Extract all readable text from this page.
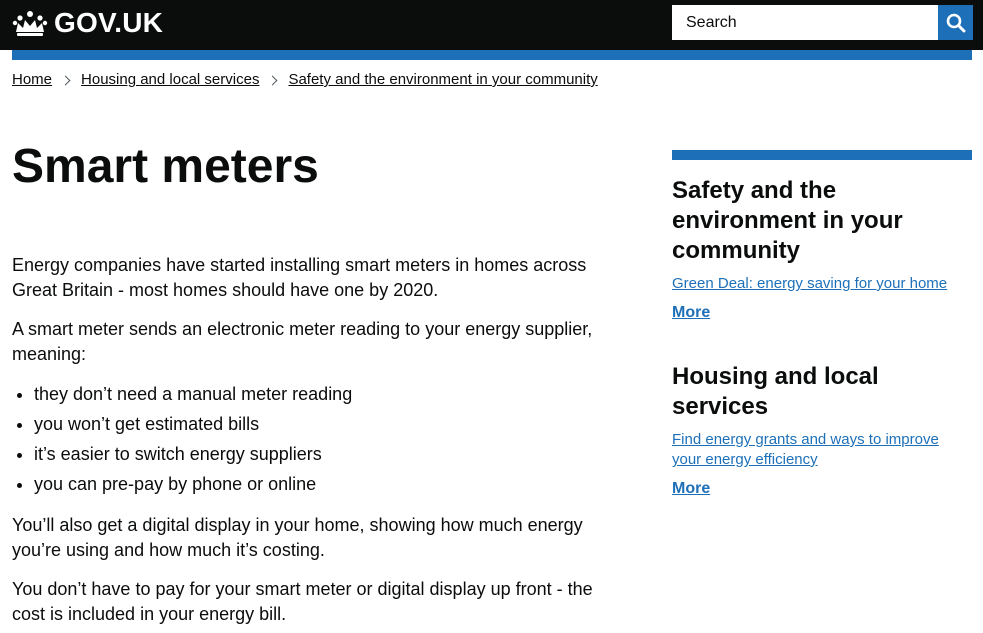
GOV.UK
Search
Home Housing and local services Safety and the environment in your community
Smart meters

Energy companies have started installing smart meters in homes across Great Britain - most homes should have one by 2020.

A smart meter sends an electronic meter reading to your energy supplier, meaning:

• they don’t need a manual meter reading
• you won’t get estimated bills
• it’s easier to switch energy suppliers
• you can pre-pay by phone or online

You’ll also get a digital display in your home, showing how much energy you’re using and how much it’s costing.

You don’t have to pay for your smart meter or digital display up front - the cost is included in your energy bill.

Safety and the environment in your community
Green Deal: energy saving for your home
More
Housing and local services
Find energy grants and ways to improve your energy efficiency
More
